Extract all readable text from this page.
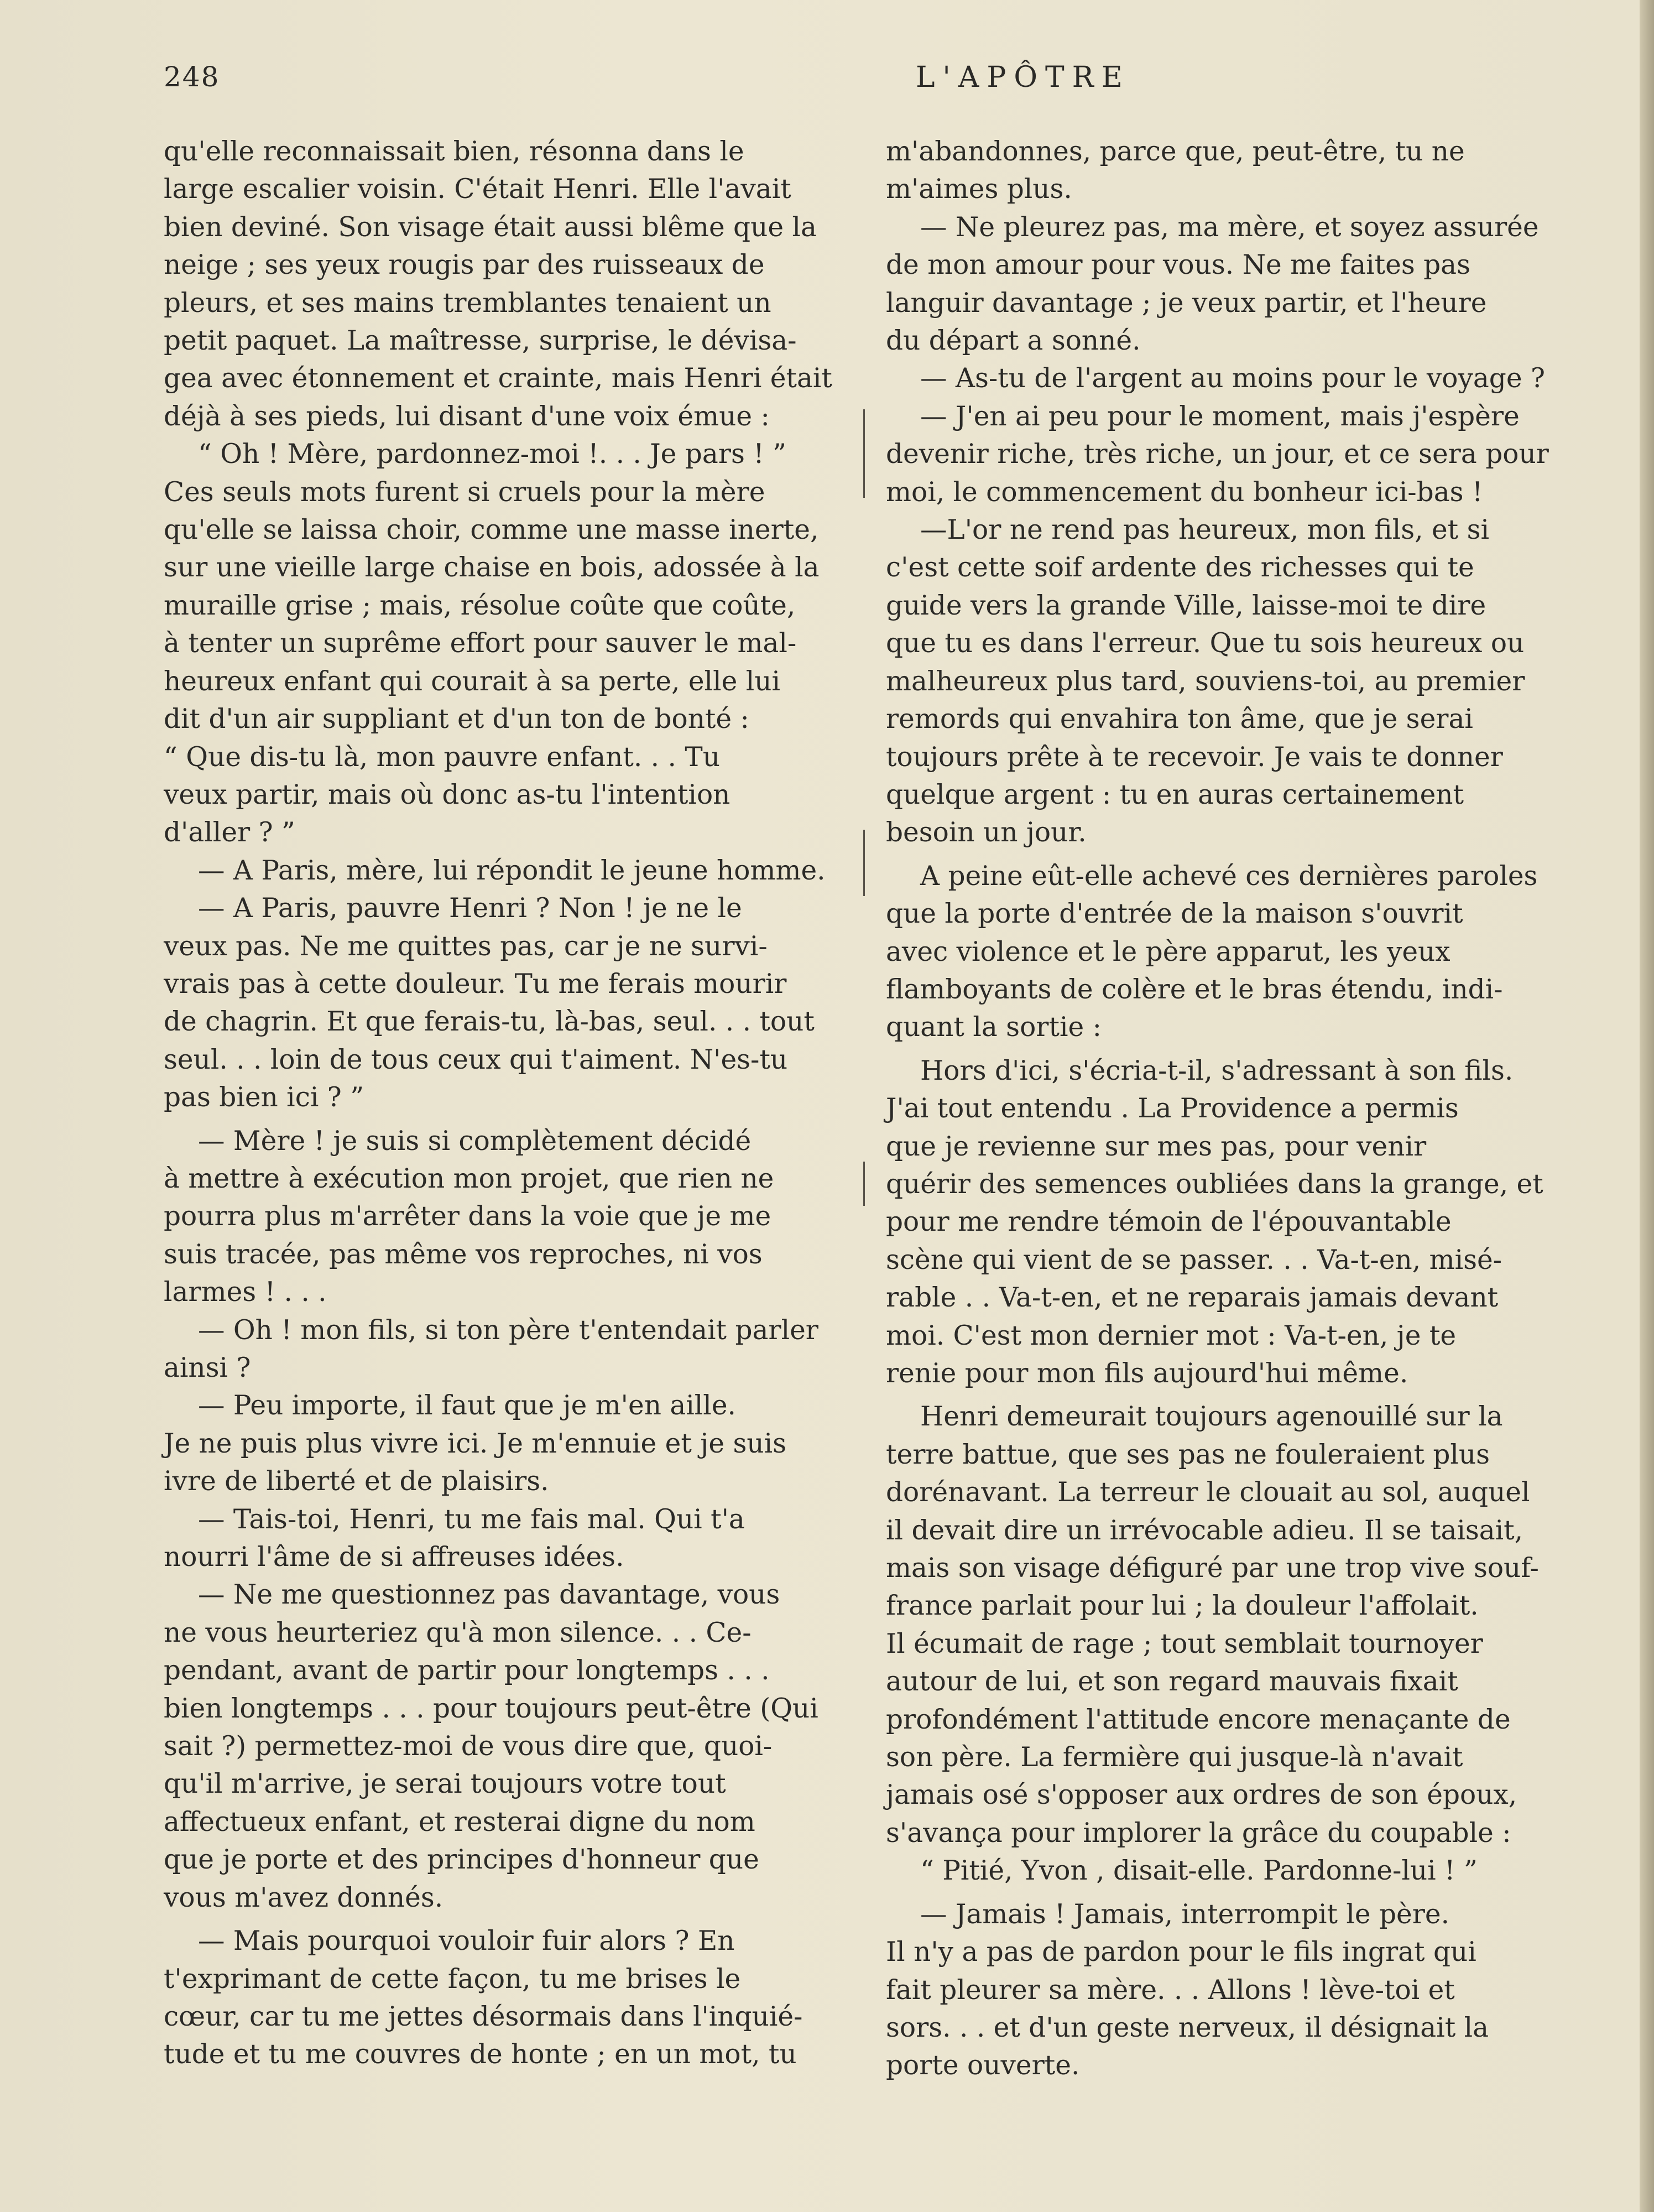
248	L'APÔTRE

qu'elle reconnaissait bien, résonna dans le
large escalier voisin. C'était Henri. Elle l'avait
bien deviné. Son visage était aussi blême que la
neige ; ses yeux rougis par des ruisseaux de
pleurs, et ses mains tremblantes tenaient un
petit paquet. La maîtresse, surprise, le dévisa-
gea avec étonnement et crainte, mais Henri était
déjà à ses pieds, lui disant d'une voix émue :

“ Oh ! Mère, pardonnez-moi !. . . Je pars ! ”
Ces seuls mots furent si cruels pour la mère
qu'elle se laissa choir, comme une masse inerte,
sur une vieille large chaise en bois, adossée à la
muraille grise ; mais, résolue coûte que coûte,
à tenter un suprême effort pour sauver le mal-
heureux enfant qui courait à sa perte, elle lui
dit d'un air suppliant et d'un ton de bonté :
“ Que dis-tu là, mon pauvre enfant. . . Tu
veux partir, mais où donc as-tu l'intention
d'aller ? ”

— A Paris, mère, lui répondit le jeune homme.

— A Paris, pauvre Henri ? Non ! je ne le
veux pas. Ne me quittes pas, car je ne survi-
vrais pas à cette douleur. Tu me ferais mourir
de chagrin. Et que ferais-tu, là-bas, seul. . . tout
seul. . . loin de tous ceux qui t'aiment. N'es-tu
pas bien ici ? ”

— Mère ! je suis si complètement décidé
à mettre à exécution mon projet, que rien ne
pourra plus m'arrêter dans la voie que je me
suis tracée, pas même vos reproches, ni vos
larmes ! . . .

— Oh ! mon fils, si ton père t'entendait parler
ainsi ?

— Peu importe, il faut que je m'en aille.
Je ne puis plus vivre ici. Je m'ennuie et je suis
ivre de liberté et de plaisirs.

— Tais-toi, Henri, tu me fais mal. Qui t'a
nourri l'âme de si affreuses idées.

— Ne me questionnez pas davantage, vous
ne vous heurteriez qu'à mon silence. . . Ce-
pendant, avant de partir pour longtemps . . .
bien longtemps . . . pour toujours peut-être (Qui
sait ?) permettez-moi de vous dire que, quoi-
qu'il m'arrive, je serai toujours votre tout
affectueux enfant, et resterai digne du nom
que je porte et des principes d'honneur que
vous m'avez donnés.

— Mais pourquoi vouloir fuir alors ? En
t'exprimant de cette façon, tu me brises le
cœur, car tu me jettes désormais dans l'inquié-
tude et tu me couvres de honte ; en un mot, tu

m'abandonnes, parce que, peut-être, tu ne
m'aimes plus.

— Ne pleurez pas, ma mère, et soyez assurée
de mon amour pour vous. Ne me faites pas
languir davantage ; je veux partir, et l'heure
du départ a sonné.

— As-tu de l'argent au moins pour le voyage ?

— J'en ai peu pour le moment, mais j'espère
devenir riche, très riche, un jour, et ce sera pour
moi, le commencement du bonheur ici-bas !

—L'or ne rend pas heureux, mon fils, et si
c'est cette soif ardente des richesses qui te
guide vers la grande Ville, laisse-moi te dire
que tu es dans l'erreur. Que tu sois heureux ou
malheureux plus tard, souviens-toi, au premier
remords qui envahira ton âme, que je serai
toujours prête à te recevoir. Je vais te donner
quelque argent : tu en auras certainement
besoin un jour.

A peine eût-elle achevé ces dernières paroles
que la porte d'entrée de la maison s'ouvrit
avec violence et le père apparut, les yeux
flamboyants de colère et le bras étendu, indi-
quant la sortie :

Hors d'ici, s'écria-t-il, s'adressant à son fils.
J'ai tout entendu . La Providence a permis
que je revienne sur mes pas, pour venir
quérir des semences oubliées dans la grange, et
pour me rendre témoin de l'épouvantable
scène qui vient de se passer. . . Va-t-en, misé-
rable . . Va-t-en, et ne reparais jamais devant
moi. C'est mon dernier mot : Va-t-en, je te
renie pour mon fils aujourd'hui même.

Henri demeurait toujours agenouillé sur la
terre battue, que ses pas ne fouleraient plus
dorénavant. La terreur le clouait au sol, auquel
il devait dire un irrévocable adieu. Il se taisait,
mais son visage défiguré par une trop vive souf-
france parlait pour lui ; la douleur l'affolait.
Il écumait de rage ; tout semblait tournoyer
autour de lui, et son regard mauvais fixait
profondément l'attitude encore menaçante de
son père. La fermière qui jusque-là n'avait
jamais osé s'opposer aux ordres de son époux,
s'avança pour implorer la grâce du coupable :

“ Pitié, Yvon , disait-elle. Pardonne-lui ! ”

— Jamais ! Jamais, interrompit le père.
Il n'y a pas de pardon pour le fils ingrat qui
fait pleurer sa mère. . . Allons ! lève-toi et
sors. . . et d'un geste nerveux, il désignait la
porte ouverte.
